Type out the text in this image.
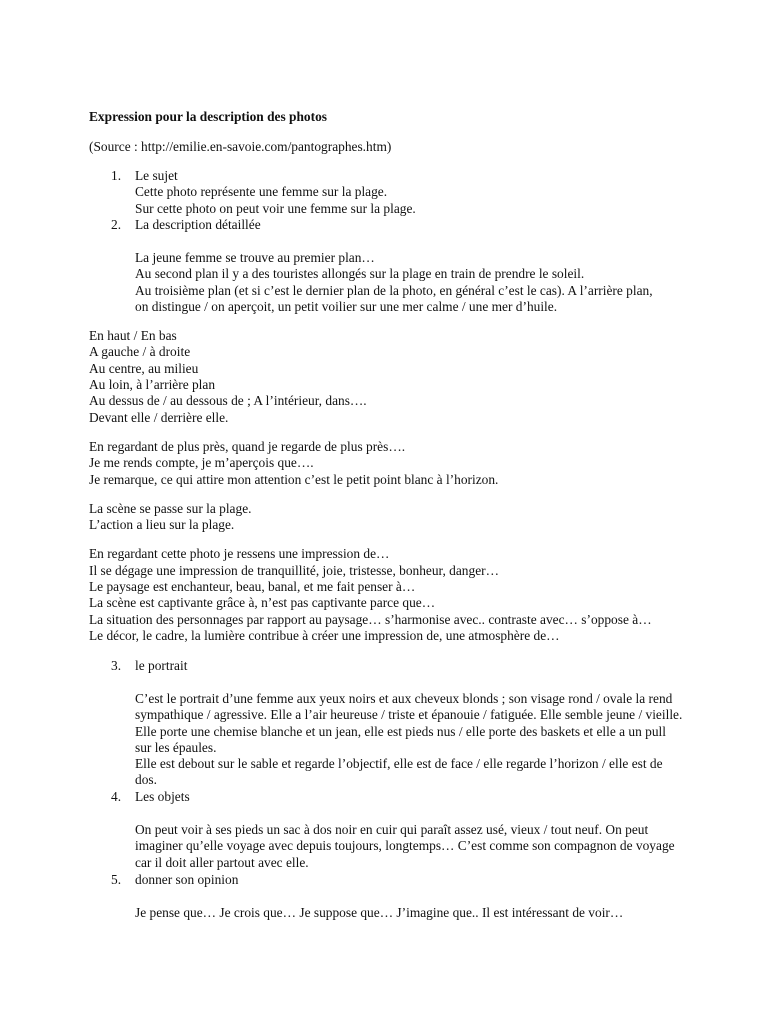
Expression pour la description des photos
(Source : http://emilie.en-savoie.com/pantographes.htm)
1. Le sujet
Cette photo représente une femme sur la plage.
Sur cette photo on peut voir une femme sur la plage.
2. La description détaillée
La jeune femme se trouve au premier plan…
Au second plan il y a des touristes allongés sur la plage en train de prendre le soleil.
Au troisième plan (et si c’est le dernier plan de la photo, en général c’est le cas). A l’arrière plan,
on distingue / on aperçoit, un petit voilier sur une mer calme / une mer d’huile.
En haut / En bas
A gauche / à droite
Au centre, au milieu
Au loin, à l’arrière plan
Au dessus de / au dessous de ; A l’intérieur, dans….
Devant elle / derrière elle.
En regardant de plus près, quand je regarde de plus près….
Je me rends compte, je m’aperçois que….
Je remarque, ce qui attire mon attention c’est le petit point blanc à l’horizon.
La scène se passe sur la plage.
L’action a lieu sur la plage.
En regardant cette photo je ressens une impression de…
Il se dégage une impression de tranquillité, joie, tristesse, bonheur, danger…
Le paysage est enchanteur, beau, banal, et me fait penser à…
La scène est captivante grâce à, n’est pas captivante parce que…
La situation des personnages par rapport au paysage… s’harmonise avec.. contraste avec… s’oppose à…
Le décor, le cadre, la lumière contribue à créer une impression de, une atmosphère de…
3. le portrait
C’est le portrait d’une femme aux yeux noirs et aux cheveux blonds ; son visage rond / ovale la rend sympathique / agressive. Elle a l’air heureuse / triste et épanouie / fatiguée. Elle semble jeune / vieille. Elle porte une chemise blanche et un jean, elle est pieds nus / elle porte des baskets et elle a un pull sur les épaules.
Elle est debout sur le sable et regarde l’objectif, elle est de face / elle regarde l’horizon / elle est de dos.
4. Les objets
On peut voir à ses pieds un sac à dos noir en cuir qui paraît assez usé, vieux / tout neuf. On peut imaginer qu’elle voyage avec depuis toujours, longtemps… C’est comme son compagnon de voyage car il doit aller partout avec elle.
5. donner son opinion
Je pense que… Je crois que… Je suppose que… J’imagine que.. Il est intéressant de voir…
